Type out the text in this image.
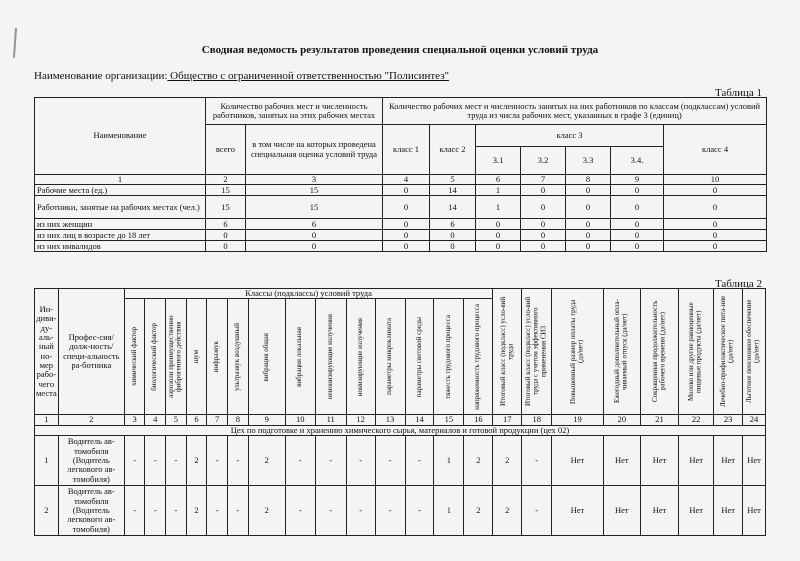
Сводная ведомость результатов проведения специальной оценки условий труда
Наименование организации: Общество с ограниченной ответственностью "Полисинтез"
Таблица 1
Наименование	Количество рабочих мест и численность работников, занятых на этих рабочих местах		Количество рабочих мест и численность занятых на них работников по классам (подклассам) условий труда из числа рабочих мест, указанных в графе 3 (единиц)						
	всего	в том числе на которых проведена специальная оценка условий труда	класс 1	класс 2	класс 3				класс 4
					3.1	3.2	3.3	3.4.	
1	2	3	4	5	6	7	8	9	10
Рабочие места (ед.)	15	15	0	14	1	0	0	0	0
Работники, занятые на рабочих местах (чел.)	15	15	0	14	1	0	0	0	0
из них женщин	6	6	0	6	0	0	0	0	0
из них лиц в возрасте до 18 лет	0	0	0	0	0	0	0	0	0
из них инвалидов	0	0	0	0	0	0	0	0	0
Таблица 2
Ин-диви-ду-аль-ный но-мер рабо-чего места	Профес-сия/долж-ность/специ-альность ра-ботника	Классы (подклассы) условий труда														Итоговый класс (подкласс) усло-вий труда	Итоговый класс (подкласс) усло-вий труда с учетом эффективного применения СИЗ	Повышенный размер оплаты труда (да/нет)	Ежегодный дополнительный опла-чиваемый отпуск (да/нет)	Сокращенная продолжительность рабочего времени (да/нет)	Молоко или другие равноценные пищевые продукты (да/нет)	Лечебно-профилактическое пита-ние (да/нет)	Льготное пенсионное обеспечение (да/нет)

		химический фактор	биологический фактор	аэрозоли преимущественно фиброгенного действия	шум	инфразвук	ультразвук воздушный	вибрация общая	вибрация локальная	неионизирующие излучения	ионизирующие излучения	параметры микроклимата	параметры световой среды	тяжесть трудового процесса	напряженность трудового процесса								

1	2	3	4	5	6	7	8	9	10	11	12	13	14	15	16	17	18	19	20	21	22	23	24
Цех по подготовке и хранению химического сырья, материалов и готовой продукции (цех 02)																							
1	Водитель ав-томобиля (Водитель легкового ав-томобиля)	-	-	-	2	-	-	2	-	-	-	-	-	1	2	2	-	Нет	Нет	Нет	Нет	Нет	Нет
2	Водитель ав-томобиля (Водитель легкового ав-томобиля)	-	-	-	2	-	-	2	-	-	-	-	-	1	2	2	-	Нет	Нет	Нет	Нет	Нет	Нет
